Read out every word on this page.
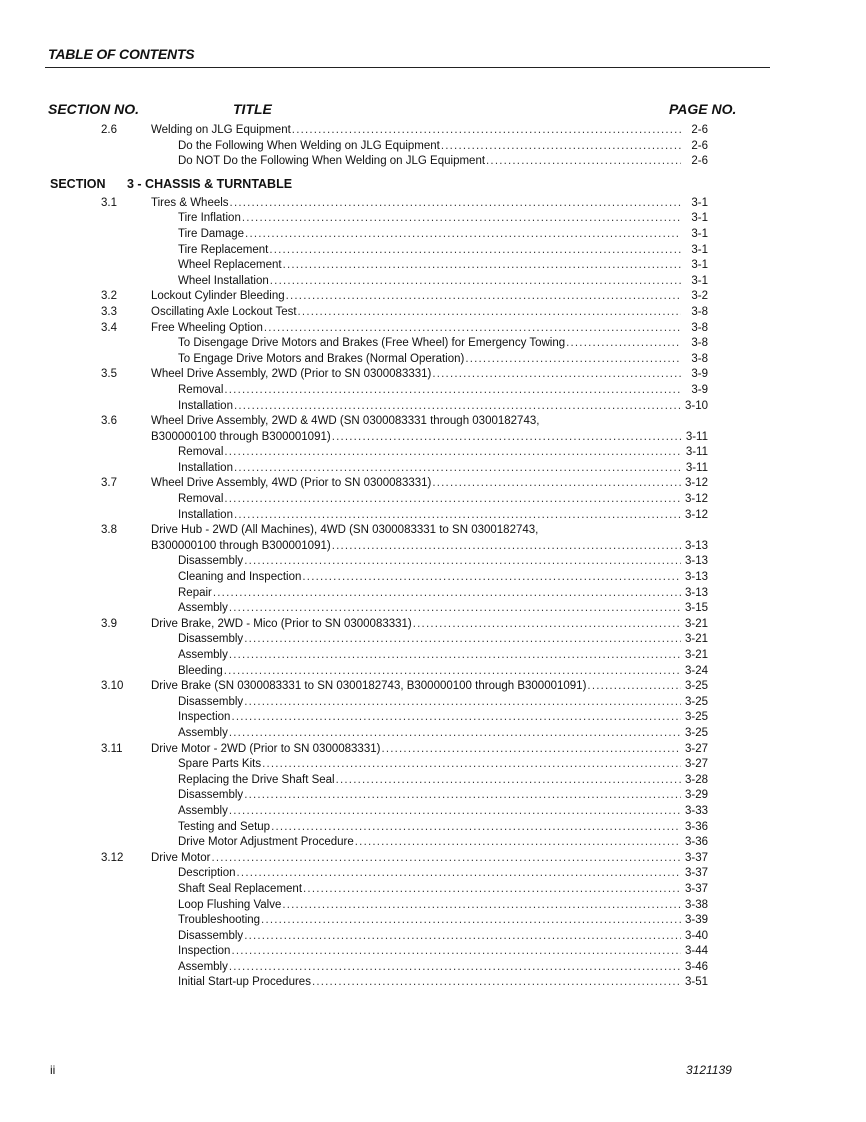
TABLE OF CONTENTS
SECTION NO.	TITLE	PAGE NO.
2.6	Welding on JLG Equipment .....	2-6
Do the Following When Welding on JLG Equipment .....	2-6
Do NOT Do the Following When Welding on JLG Equipment .....	2-6
SECTION 3 - CHASSIS & TURNTABLE
3.1	Tires & Wheels .....	3-1
Tire Inflation .....	3-1
Tire Damage .....	3-1
Tire Replacement .....	3-1
Wheel Replacement .....	3-1
Wheel Installation .....	3-1
3.2	Lockout Cylinder Bleeding .....	3-2
3.3	Oscillating Axle Lockout Test .....	3-8
3.4	Free Wheeling Option .....	3-8
To Disengage Drive Motors and Brakes (Free Wheel) for Emergency Towing .....	3-8
To Engage Drive Motors and Brakes (Normal Operation) .....	3-8
3.5	Wheel Drive Assembly, 2WD (Prior to SN 0300083331) .....	3-9
Removal .....	3-9
Installation .....	3-10
3.6	Wheel Drive Assembly, 2WD & 4WD (SN 0300083331 through 0300182743,
B300000100 through B300001091) .....	3-11
Removal .....	3-11
Installation .....	3-11
3.7	Wheel Drive Assembly, 4WD (Prior to SN 0300083331) .....	3-12
Removal .....	3-12
Installation .....	3-12
3.8	Drive Hub - 2WD (All Machines), 4WD (SN 0300083331 to SN 0300182743,
B300000100 through B300001091) .....	3-13
Disassembly .....	3-13
Cleaning and Inspection .....	3-13
Repair .....	3-13
Assembly .....	3-15
3.9	Drive Brake, 2WD - Mico (Prior to SN 0300083331) .....	3-21
Disassembly .....	3-21
Assembly .....	3-21
Bleeding .....	3-24
3.10	Drive Brake (SN 0300083331 to SN 0300182743, B300000100 through B300001091) .....	3-25
Disassembly .....	3-25
Inspection .....	3-25
Assembly .....	3-25
3.11	Drive Motor - 2WD (Prior to SN 0300083331) .....	3-27
Spare Parts Kits .....	3-27
Replacing the Drive Shaft Seal .....	3-28
Disassembly .....	3-29
Assembly .....	3-33
Testing and Setup .....	3-36
Drive Motor Adjustment Procedure .....	3-36
3.12	Drive Motor .....	3-37
Description .....	3-37
Shaft Seal Replacement .....	3-37
Loop Flushing Valve .....	3-38
Troubleshooting .....	3-39
Disassembly .....	3-40
Inspection .....	3-44
Assembly .....	3-46
Initial Start-up Procedures .....	3-51
ii	3121139
